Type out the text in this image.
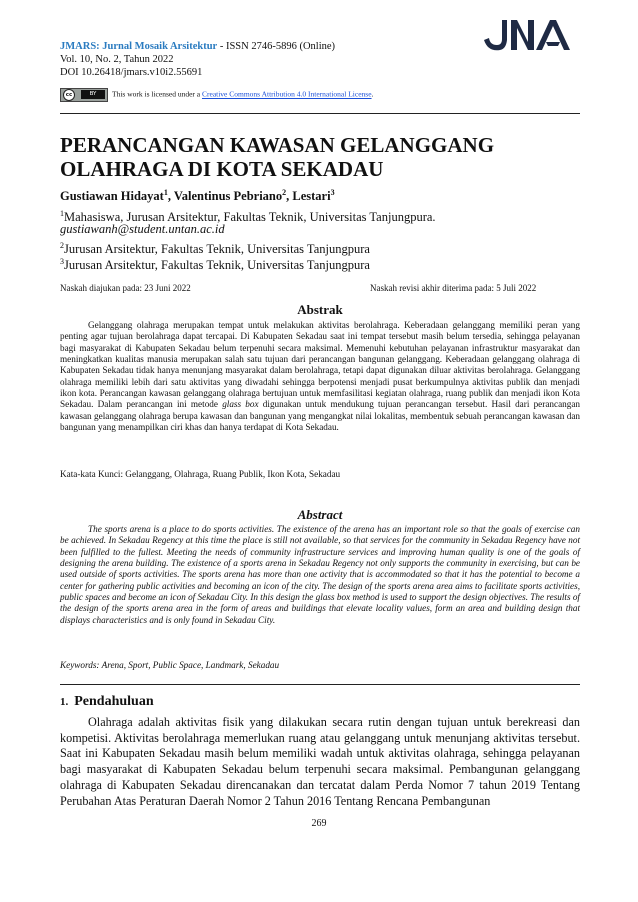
JMARS: Jurnal Mosaik Arsitektur - ISSN 2746-5896 (Online)
Vol. 10, No. 2, Tahun 2022
DOI 10.26418/jmars.v10i2.55691
cc	BY	This work is licensed under a Creative Commons Attribution 4.0 International License.
PERANCANGAN KAWASAN GELANGGANG
OLAHRAGA DI KOTA SEKADAU
Gustiawan Hidayat$^1$, Valentinus Pebriano$^2$, Lestari$^3$
$^1$Mahasiswa, Jurusan Arsitektur, Fakultas Teknik, Universitas Tanjungpura.
gustiawanh@student.untan.ac.id
$^2$Jurusan Arsitektur, Fakultas Teknik, Universitas Tanjungpura
$^3$Jurusan Arsitektur, Fakultas Teknik, Universitas Tanjungpura
Naskah diajukan pada: 23 Juni 2022	Naskah revisi akhir diterima pada: 5 Juli 2022
Abstrak
Gelanggang olahraga merupakan tempat untuk melakukan aktivitas berolahraga. Keberadaan gelanggang memiliki peran yang penting agar tujuan berolahraga dapat tercapai. Di Kabupaten Sekadau saat ini tempat tersebut masih belum tersedia, sehingga pelayanan bagi masyarakat di Kabupaten Sekadau belum terpenuhi secara maksimal. Memenuhi kebutuhan pelayanan infrastruktur masyarakat dan meningkatkan kualitas manusia merupakan salah satu tujuan dari perancangan bangunan gelanggang. Keberadaan gelanggang olahraga di Kabupaten Sekadau tidak hanya menunjang masyarakat dalam berolahraga, tetapi dapat digunakan diluar aktivitas berolahraga. Gelanggang olahraga memiliki lebih dari satu aktivitas yang diwadahi sehingga berpotensi menjadi pusat berkumpulnya aktivitas publik dan menjadi ikon kota. Perancangan kawasan gelanggang olahraga bertujuan untuk memfasilitasi kegiatan olahraga, ruang publik dan menjadi ikon Kota Sekadau. Dalam perancangan ini metode glass box digunakan untuk mendukung tujuan perancangan tersebut. Hasil dari perancangan kawasan gelanggang olahraga berupa kawasan dan bangunan yang mengangkat nilai lokalitas, membentuk sebuah perancangan kawasan dan bangunan yang menampilkan ciri khas dan hanya terdapat di Kota Sekadau.
Kata-kata Kunci: Gelanggang, Olahraga, Ruang Publik, Ikon Kota, Sekadau
Abstract
The sports arena is a place to do sports activities. The existence of the arena has an important role so that the goals of exercise can be achieved. In Sekadau Regency at this time the place is still not available, so that services for the community in Sekadau Regency have not been fulfilled to the fullest. Meeting the needs of community infrastructure services and improving human quality is one of the goals of designing the arena building. The existence of a sports arena in Sekadau Regency not only supports the community in exercising, but can be used outside of sports activities. The sports arena has more than one activity that is accommodated so that it has the potential to become a center for gathering public activities and becoming an icon of the city. The design of the sports arena area aims to facilitate sports activities, public spaces and become an icon of Sekadau City. In this design the glass box method is used to support the design objectives. The results of the design of the sports arena area in the form of areas and buildings that elevate locality values, form an area and building design that displays characteristics and is only found in Sekadau City.
Keywords: Arena, Sport, Public Space, Landmark, Sekadau
1. Pendahuluan
Olahraga adalah aktivitas fisik yang dilakukan secara rutin dengan tujuan untuk berekreasi dan kompetisi. Aktivitas berolahraga memerlukan ruang atau gelanggang untuk menunjang aktivitas tersebut. Saat ini Kabupaten Sekadau masih belum memiliki wadah untuk aktivitas olahraga, sehingga pelayanan bagi masyarakat di Kabupaten Sekadau belum terpenuhi secara maksimal. Pembangunan gelanggang olahraga di Kabupaten Sekadau direncanakan dan tercatat dalam Perda Nomor 7 tahun 2019 Tentang Perubahan Atas Peraturan Daerah Nomor 2 Tahun 2016 Tentang Rencana Pembangunan
269
